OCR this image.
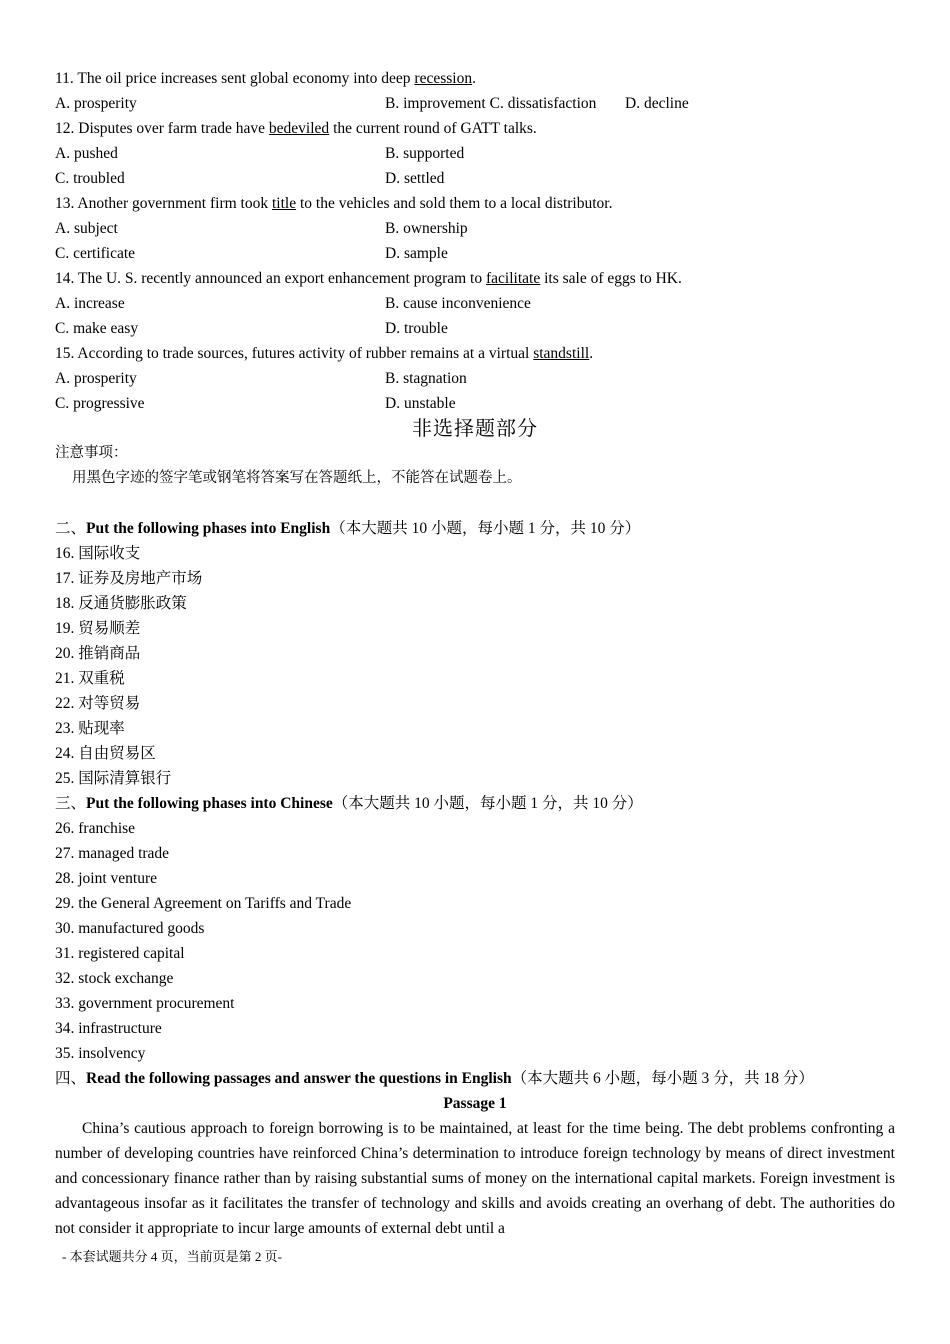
11. The oil price increases sent global economy into deep recession.
A. prosperity	B. improvement C. dissatisfaction D. decline
12. Disputes over farm trade have bedeviled the current round of GATT talks.
A. pushed	B. supported
C. troubled	D. settled
13. Another government firm took title to the vehicles and sold them to a local distributor.
A. subject	B. ownership
C. certificate	D. sample
14. The U. S. recently announced an export enhancement program to facilitate its sale of eggs to HK.
A. increase	B. cause inconvenience
C. make easy	D. trouble
15. According to trade sources, futures activity of rubber remains at a virtual standstill.
A. prosperity	B. stagnation
C. progressive	D. unstable
非选择题部分
注意事项：
用黑色字迹的签字笔或钢笔将答案写在答题纸上，不能答在试题卷上。
二、Put the following phases into English（本大题共 10 小题，每小题 1 分，共 10 分）
16. 国际收支
17. 证券及房地产市场
18. 反通货膨胀政策
19. 贸易顺差
20. 推销商品
21. 双重税
22. 对等贸易
23. 贴现率
24. 自由贸易区
25. 国际清算银行
三、Put the following phases into Chinese（本大题共 10 小题，每小题 1 分，共 10 分）
26. franchise
27. managed trade
28. joint venture
29. the General Agreement on Tariffs and Trade
30. manufactured goods
31. registered capital
32. stock exchange
33. government procurement
34. infrastructure
35. insolvency
四、Read the following passages and answer the questions in English（本大题共 6 小题，每小题 3 分，共 18 分）
Passage 1

China’s cautious approach to foreign borrowing is to be maintained, at least for the time being. The debt problems confronting a number of developing countries have reinforced China’s determination to introduce foreign technology by means of direct investment and concessionary finance rather than by raising substantial sums of money on the international capital markets. Foreign investment is advantageous insofar as it facilitates the transfer of technology and skills and avoids creating an overhang of debt. The authorities do not consider it appropriate to incur large amounts of external debt until a

- 本套试题共分 4 页，当前页是第 2 页-
